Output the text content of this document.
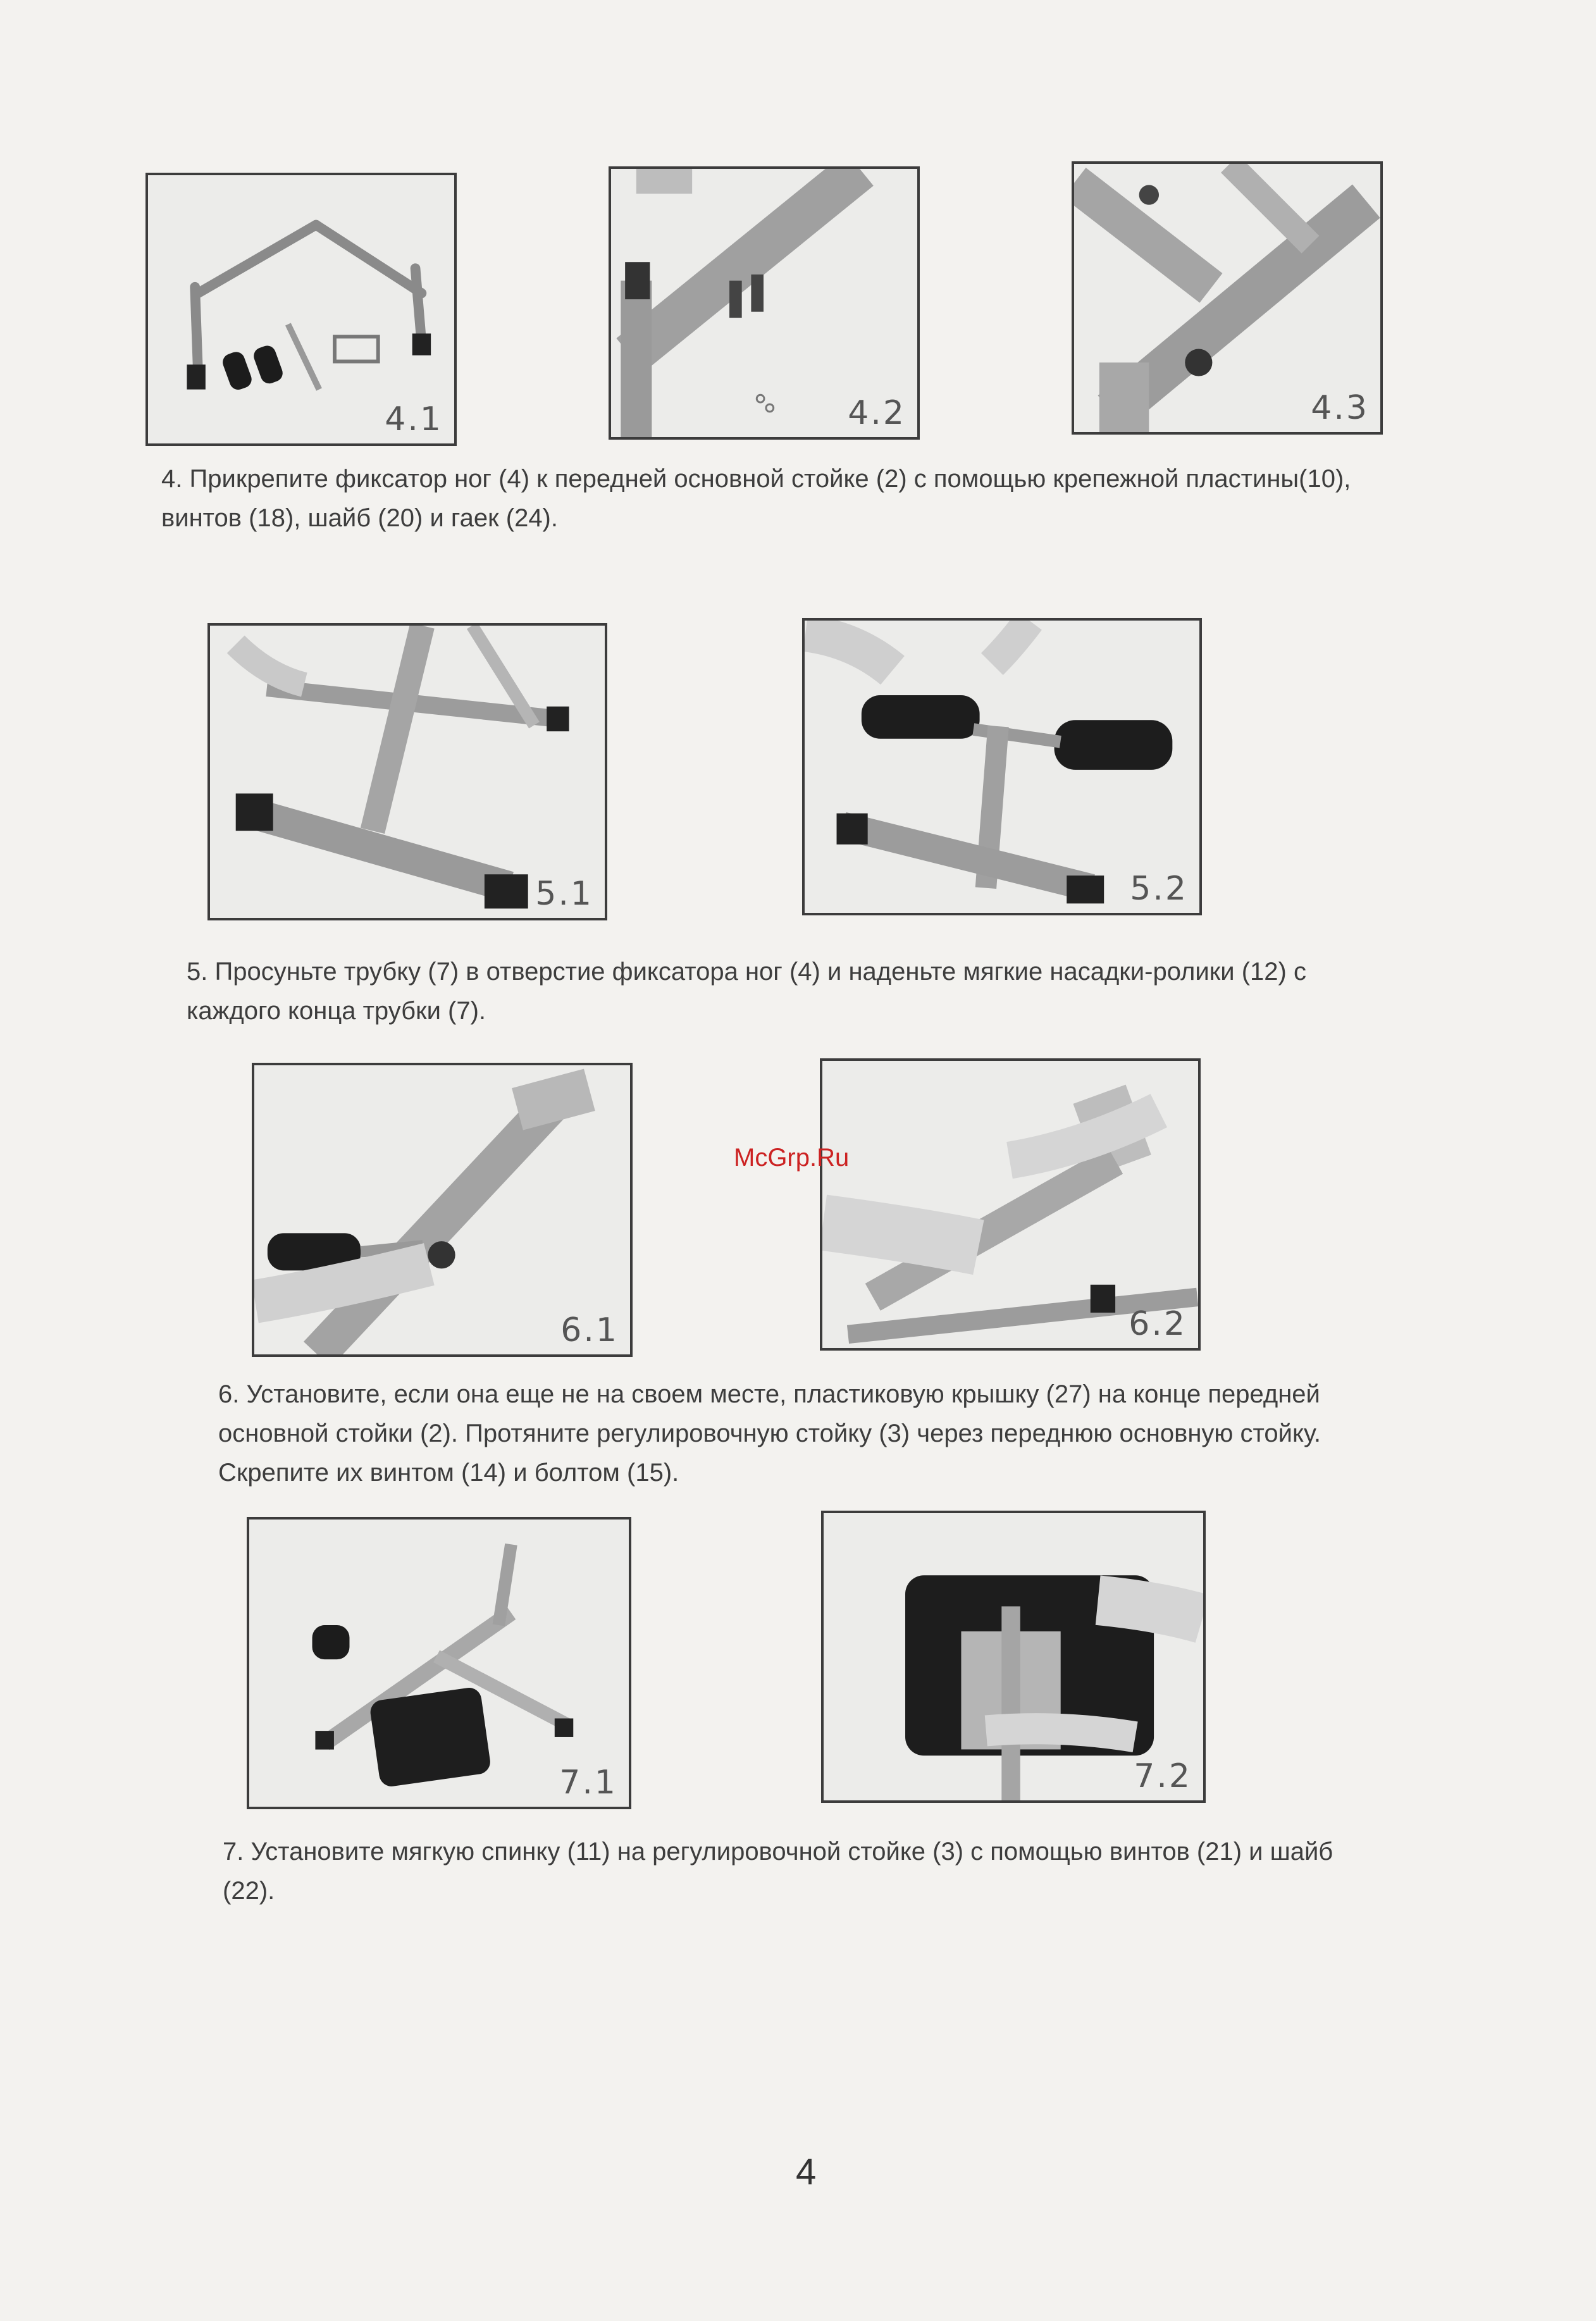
4.1	4.2	4.3

4. Прикрепите фиксатор ног (4) к передней основной стойке (2) с помощью крепежной пластины(10),
винтов (18), шайб (20) и гаек (24).

5.1	5.2

5. Просуньте трубку (7) в отверстие фиксатора ног (4) и наденьте мягкие насадки-ролики (12) с
каждого конца трубки (7).

6.1	6.2

6. Установите, если она еще не на своем месте, пластиковую крышку (27) на конце передней
основной стойки (2). Протяните регулировочную стойку (3) через переднюю основную стойку.
Скрепите их винтом (14) и болтом (15).

7.1	7.2

7. Установите мягкую спинку (11) на регулировочной стойке (3) с помощью винтов (21) и шайб
(22).

McGrp.Ru
4
